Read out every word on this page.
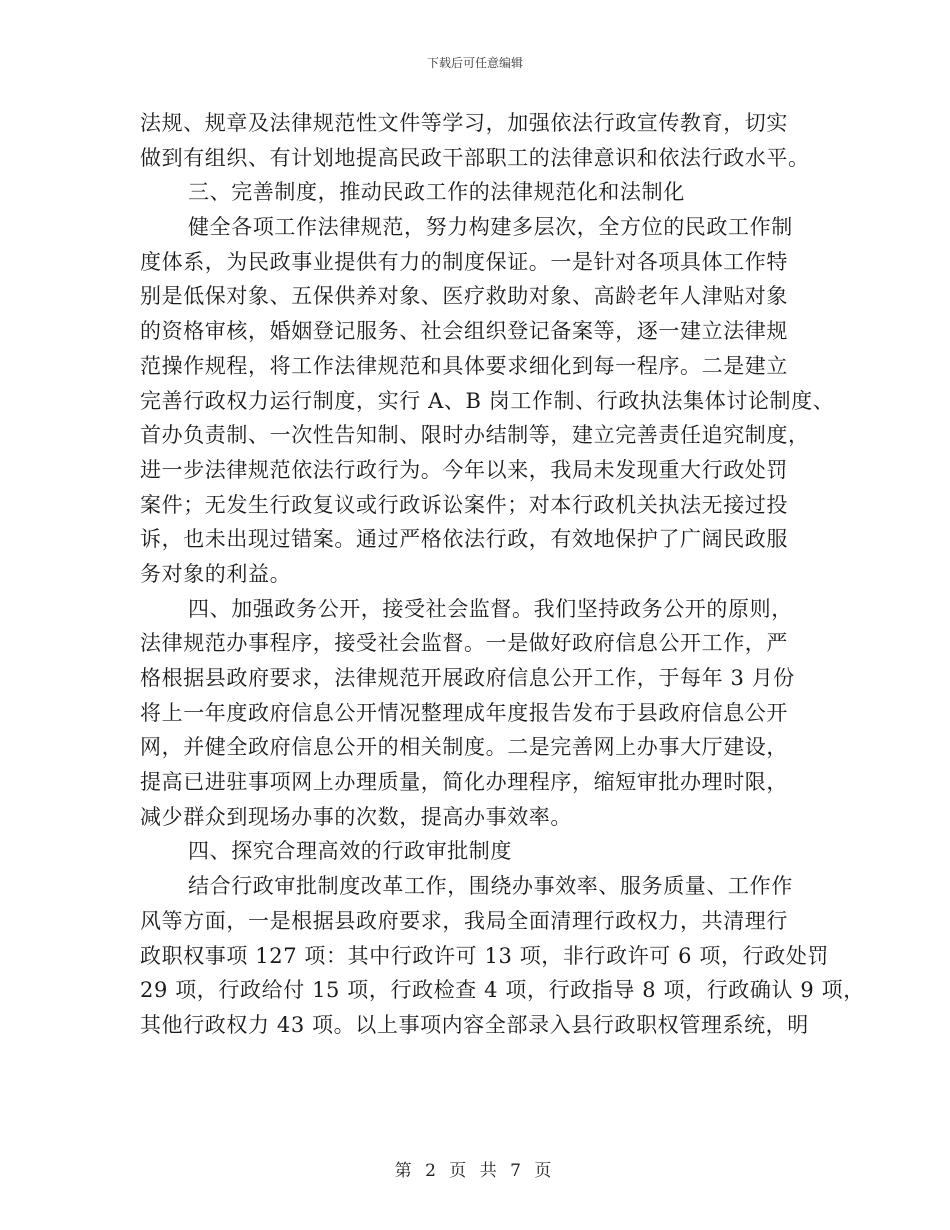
下载后可任意编辑
法规、规章及法律规范性文件等学习，加强依法行政宣传教育，切实
做到有组织、有计划地提高民政干部职工的法律意识和依法行政水平。
三、完善制度，推动民政工作的法律规范化和法制化
健全各项工作法律规范，努力构建多层次，全方位的民政工作制
度体系，为民政事业提供有力的制度保证。一是针对各项具体工作特
别是低保对象、五保供养对象、医疗救助对象、高龄老年人津贴对象
的资格审核，婚姻登记服务、社会组织登记备案等，逐一建立法律规
范操作规程，将工作法律规范和具体要求细化到每一程序。二是建立
完善行政权力运行制度，实行 A、B 岗工作制、行政执法集体讨论制度、
首办负责制、一次性告知制、限时办结制等，建立完善责任追究制度，
进一步法律规范依法行政行为。今年以来，我局未发现重大行政处罚
案件；无发生行政复议或行政诉讼案件；对本行政机关执法无接过投
诉，也未出现过错案。通过严格依法行政，有效地保护了广阔民政服
务对象的利益。
四、加强政务公开，接受社会监督。我们坚持政务公开的原则，
法律规范办事程序，接受社会监督。一是做好政府信息公开工作，严
格根据县政府要求，法律规范开展政府信息公开工作，于每年 3 月份
将上一年度政府信息公开情况整理成年度报告发布于县政府信息公开
网，并健全政府信息公开的相关制度。二是完善网上办事大厅建设，
提高已进驻事项网上办理质量，简化办理程序，缩短审批办理时限，
减少群众到现场办事的次数，提高办事效率。
四、探究合理高效的行政审批制度
结合行政审批制度改革工作，围绕办事效率、服务质量、工作作
风等方面，一是根据县政府要求，我局全面清理行政权力，共清理行
政职权事项 127 项：其中行政许可 13 项，非行政许可 6 项，行政处罚
29 项，行政给付 15 项，行政检查 4 项，行政指导 8 项，行政确认 9 项，
其他行政权力 43 项。以上事项内容全部录入县行政职权管理系统，明
第 2 页 共 7 页
